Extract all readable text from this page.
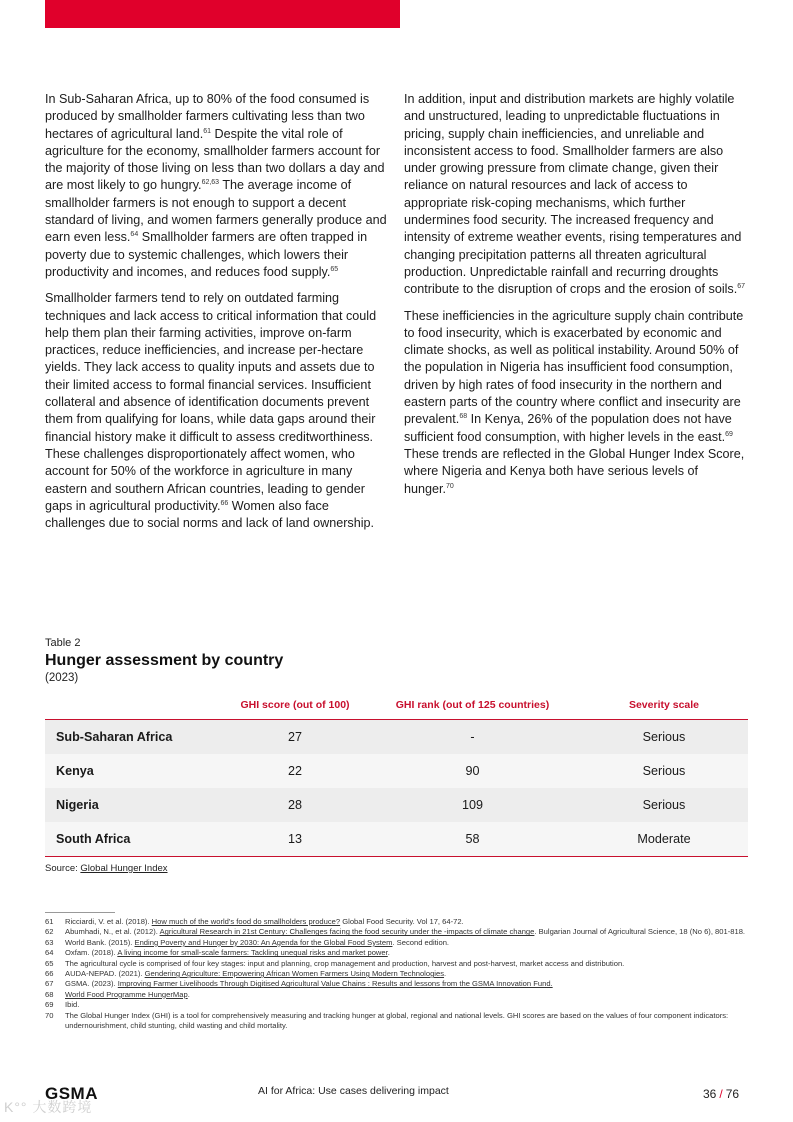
In Sub-Saharan Africa, up to 80% of the food consumed is produced by smallholder farmers cultivating less than two hectares of agricultural land.$^{61}$ Despite the vital role of agriculture for the economy, smallholder farmers account for the majority of those living on less than two dollars a day and are most likely to go hungry.$^{62,63}$ The average income of smallholder farmers is not enough to support a decent standard of living, and women farmers generally produce and earn even less.$^{64}$ Smallholder farmers are often trapped in poverty due to systemic challenges, which lowers their productivity and incomes, and reduces food supply.$^{65}$

Smallholder farmers tend to rely on outdated farming techniques and lack access to critical information that could help them plan their farming activities, improve on-farm practices, reduce inefficiencies, and increase per-hectare yields. They lack access to quality inputs and assets due to their limited access to formal financial services. Insufficient collateral and absence of identification documents prevent them from qualifying for loans, while data gaps around their financial history make it difficult to assess creditworthiness. These challenges disproportionately affect women, who account for 50% of the workforce in agriculture in many eastern and southern African countries, leading to gender gaps in agricultural productivity.$^{66}$ Women also face challenges due to social norms and lack of land ownership.

In addition, input and distribution markets are highly volatile and unstructured, leading to unpredictable fluctuations in pricing, supply chain inefficiencies, and unreliable and inconsistent access to food. Smallholder farmers are also under growing pressure from climate change, given their reliance on natural resources and lack of access to appropriate risk-coping mechanisms, which further undermines food security. The increased frequency and intensity of extreme weather events, rising temperatures and changing precipitation patterns all threaten agricultural production. Unpredictable rainfall and recurring droughts contribute to the disruption of crops and the erosion of soils.$^{67}$

These inefficiencies in the agriculture supply chain contribute to food insecurity, which is exacerbated by economic and climate shocks, as well as political instability. Around 50% of the population in Nigeria has insufficient food consumption, driven by high rates of food insecurity in the northern and eastern parts of the country where conflict and insecurity are prevalent.$^{68}$ In Kenya, 26% of the population does not have sufficient food consumption, with higher levels in the east.$^{69}$ These trends are reflected in the Global Hunger Index Score, where Nigeria and Kenya both have serious levels of hunger.$^{70}$

Table 2

Hunger assessment by country

(2023)

	GHI score (out of 100)	GHI rank (out of 125 countries)	Severity scale
Sub-Saharan Africa	27	-	Serious
Kenya	22	90	Serious
Nigeria	28	109	Serious
South Africa	13	58	Moderate
Source: Global Hunger Index
61	Ricciardi, V. et al. (2018). How much of the world's food do smallholders produce? Global Food Security. Vol 17, 64-72.
62	Abumhadi, N., et al. (2012). Agricultural Research in 21st Century: Challenges facing the food security under the -impacts of climate change. Bulgarian Journal of Agricultural Science, 18 (No 6), 801-818.
63	World Bank. (2015). Ending Poverty and Hunger by 2030: An Agenda for the Global Food System. Second edition.
64	Oxfam. (2018). A living income for small-scale farmers: Tackling unequal risks and market power.
65	The agricultural cycle is comprised of four key stages: input and planning, crop management and production, harvest and post-harvest, market access and distribution.
66	AUDA-NEPAD. (2021). Gendering Agriculture: Empowering African Women Farmers Using Modern Technologies.
67	GSMA. (2023). Improving Farmer Livelihoods Through Digitised Agricultural Value Chains : Results and lessons from the GSMA Innovation Fund.
68	World Food Programme HungerMap.
69	Ibid.
70	The Global Hunger Index (GHI) is a tool for comprehensively measuring and tracking hunger at global, regional and national levels. GHI scores are based on the values of four component indicators: undernourishment, child stunting, child wasting and child mortality.
K°° 大数跨境
GSMA	AI for Africa: Use cases delivering impact	36 / 76
